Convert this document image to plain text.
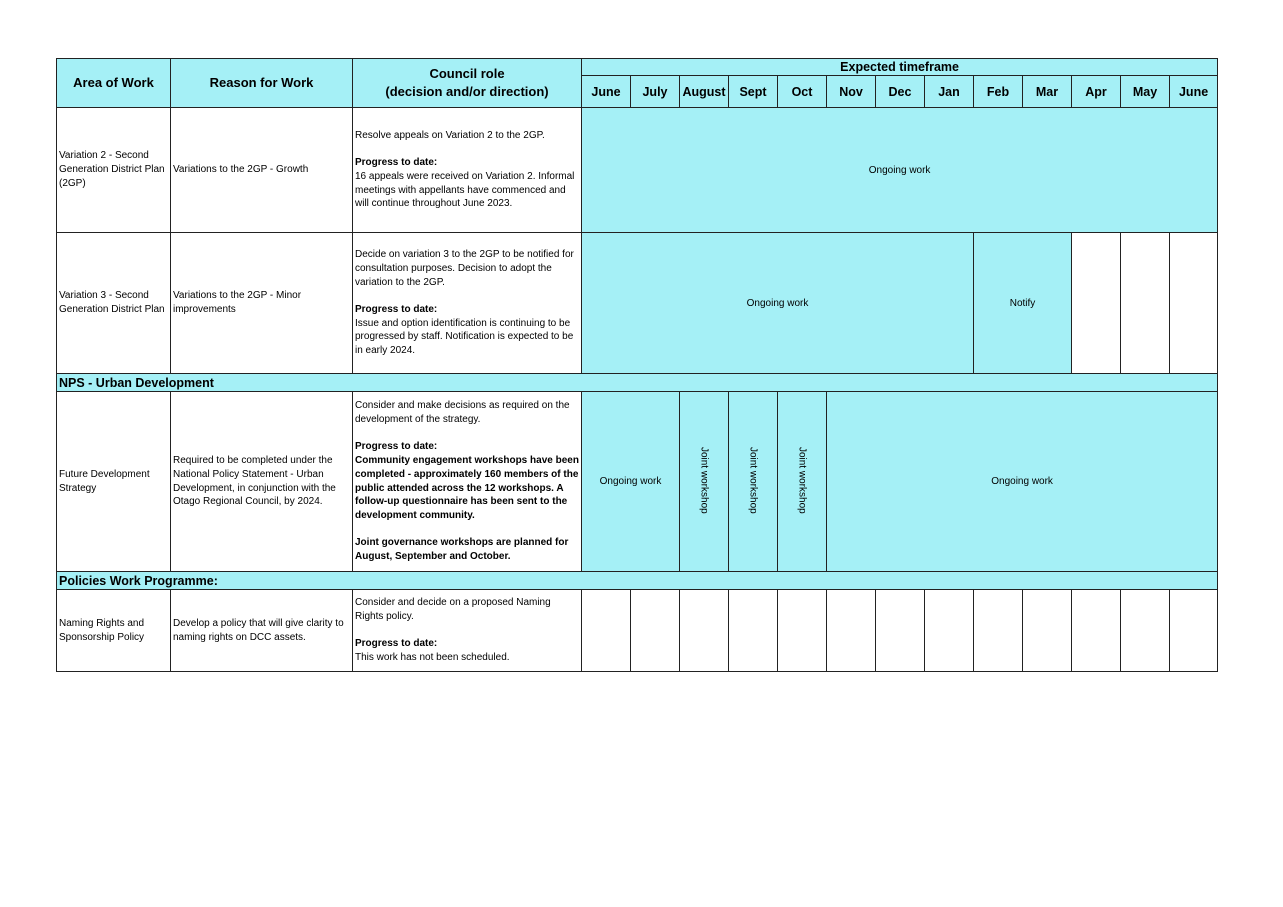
Area of Work	Reason for Work	Council role
(decision and/or direction)	Expected timeframe												
			June	July	August	Sept	Oct	Nov	Dec	Jan	Feb	Mar	Apr	May	June
Variation 2 - Second Generation District Plan (2GP)	Variations to the 2GP - Growth	Resolve appeals on Variation 2 to the 2GP.

Progress to date:

16 appeals were received on Variation 2. Informal meetings with appellants have commenced and will continue throughout June 2023.	Ongoing work												
Variation 3 - Second Generation District Plan	Variations to the 2GP - Minor improvements	Decide on variation 3 to the 2GP to be notified for consultation purposes. Decision to adopt the variation to the 2GP.

Progress to date:

Issue and option identification is continuing to be progressed by staff. Notification is expected to be in early 2024.	Ongoing work								Notify				
NPS - Urban Development															
Future Development Strategy	Required to be completed under the National Policy Statement - Urban Development, in conjunction with the Otago Regional Council, by 2024.	Consider and make decisions as required on the development of the strategy.

Progress to date:

Community engagement workshops have been completed - approximately 160 members of the public attended across the 12 workshops. A follow-up questionnaire has been sent to the development community.

Joint governance workshops are planned for August, September and October.	Ongoing work		Joint workshop	Joint workshop	Joint workshop	Ongoing work							
Policies Work Programme:															
Naming Rights and Sponsorship Policy	Develop a policy that will give clarity to naming rights on DCC assets.	Consider and decide on a proposed Naming Rights policy.

Progress to date:

This work has not been scheduled.													
